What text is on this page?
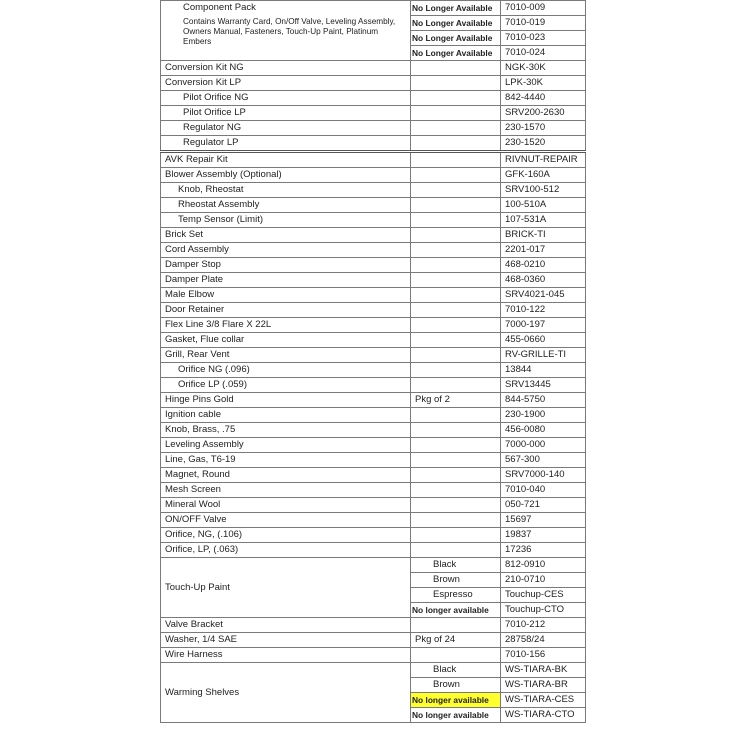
Component Pack	No Longer Available	7010-009
Contains Warranty Card, On/Off Valve, Leveling Assembly, Owners Manual, Fasteners, Touch-Up Paint, Platinum Embers	No Longer Available	7010-019
	No Longer Available	7010-023
	No Longer Available	7010-024
Conversion Kit NG		NGK-30K
Conversion Kit LP		LPK-30K
Pilot Orifice NG		842-4440
Pilot Orifice LP		SRV200-2630
Regulator NG		230-1570
Regulator LP		230-1520
AVK Repair Kit		RIVNUT-REPAIR
Blower Assembly (Optional)		GFK-160A
Knob, Rheostat		SRV100-512
Rheostat Assembly		100-510A
Temp Sensor (Limit)		107-531A
Brick Set		BRICK-TI
Cord Assembly		2201-017
Damper Stop		468-0210
Damper Plate		468-0360
Male Elbow		SRV4021-045
Door Retainer		7010-122
Flex Line 3/8 Flare X 22L		7000-197
Gasket, Flue collar		455-0660
Grill, Rear Vent		RV-GRILLE-TI
Orifice NG (.096)		13844
Orifice LP (.059)		SRV13445
Hinge Pins Gold	Pkg of 2	844-5750
Ignition cable		230-1900
Knob, Brass, .75		456-0080
Leveling Assembly		7000-000
Line, Gas, T6-19		567-300
Magnet, Round		SRV7000-140
Mesh Screen		7010-040
Mineral Wool		050-721
ON/OFF Valve		15697
Orifice, NG, (.106)		19837
Orifice, LP, (.063)		17236
Touch-Up Paint	Black	812-0910
	Brown	210-0710
	Espresso	Touchup-CES
	No longer available	Touchup-CTO
Valve Bracket		7010-212
Washer, 1/4 SAE	Pkg of 24	28758/24
Wire Harness		7010-156
Warming Shelves	Black	WS-TIARA-BK
	Brown	WS-TIARA-BR
	No longer available	WS-TIARA-CES
	No longer available	WS-TIARA-CTO
